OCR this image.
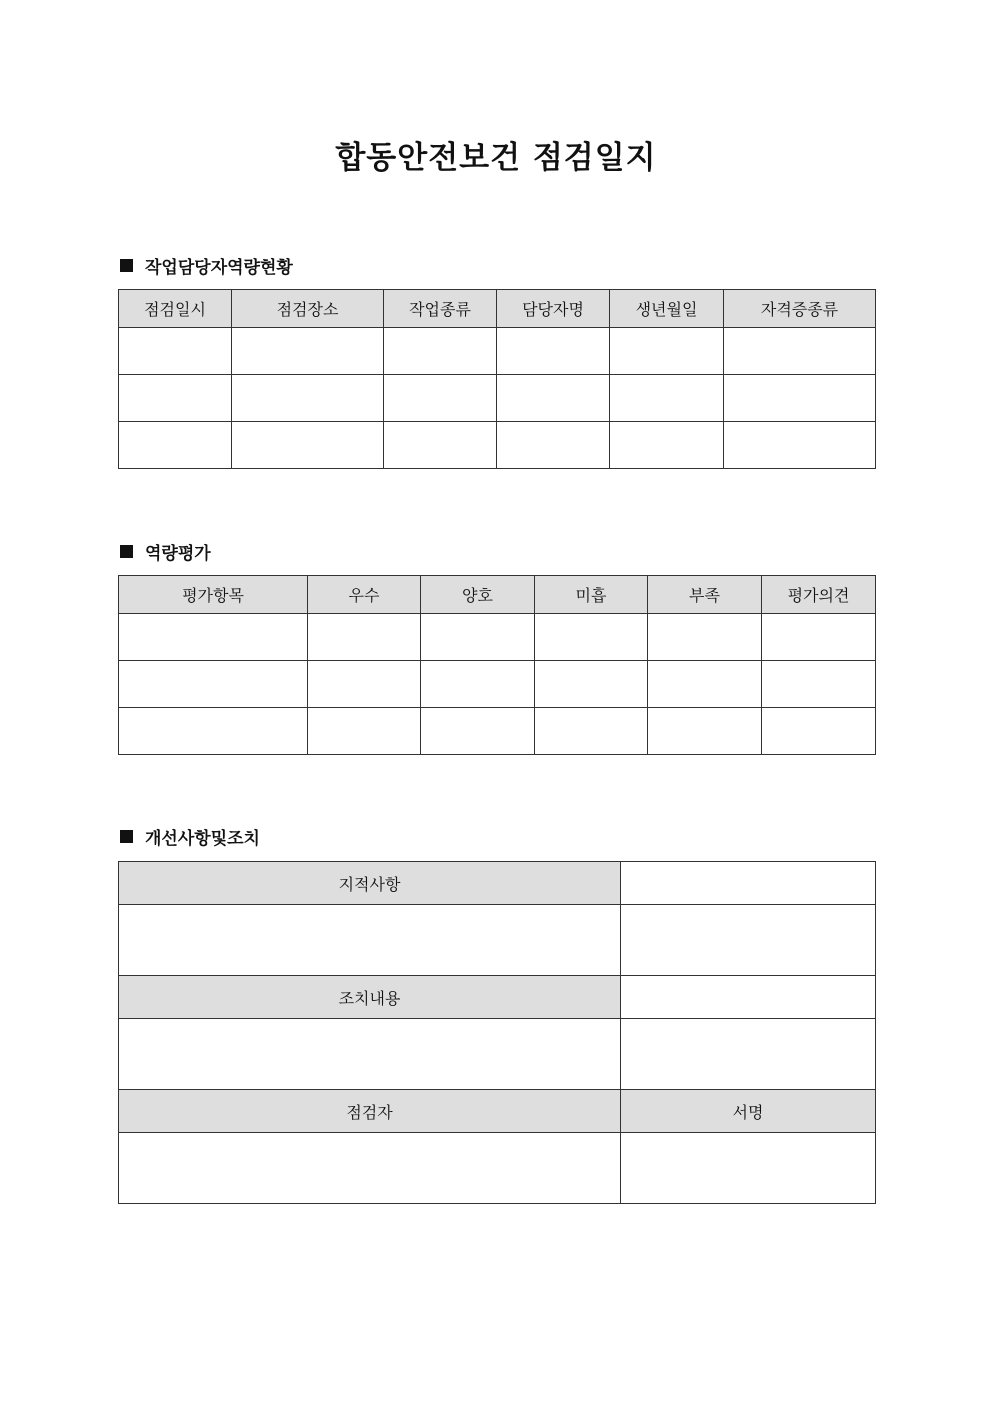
합동안전보건 점검일지
작업담당자역량현황
점검일시	점검장소	작업종류	담당자명	생년월일	자격증종류

역량평가
평가항목	우수	양호	미흡	부족	평가의견

개선사항및조치
지적사항	

조치내용	

점검자	서명
